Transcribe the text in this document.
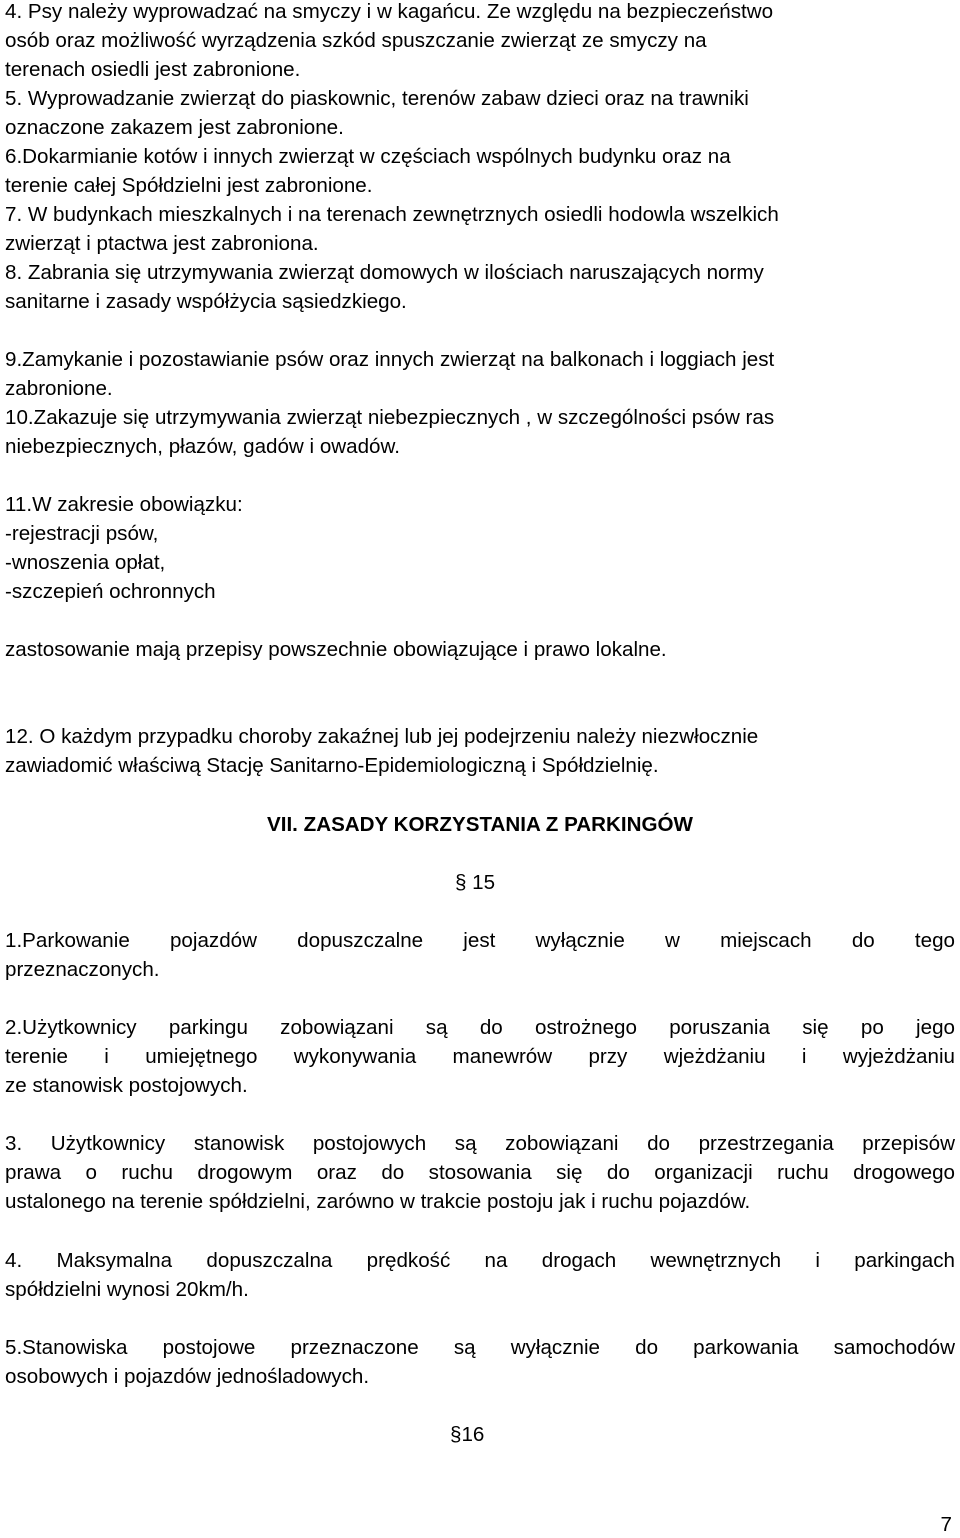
4. Psy należy wyprowadzać na smyczy i w kagańcu. Ze względu na bezpieczeństwo
osób oraz możliwość wyrządzenia szkód spuszczanie zwierząt ze smyczy na
terenach osiedli jest zabronione.
5. Wyprowadzanie zwierząt do piaskownic, terenów zabaw dzieci oraz na trawniki
oznaczone zakazem jest zabronione.
6.Dokarmianie kotów i innych zwierząt w częściach wspólnych budynku oraz na
terenie całej Spółdzielni jest zabronione.
7. W budynkach mieszkalnych i na terenach zewnętrznych osiedli hodowla wszelkich
zwierząt i ptactwa jest zabroniona.
8. Zabrania się utrzymywania zwierząt domowych w ilościach naruszających normy
sanitarne i zasady współżycia sąsiedzkiego.
9.Zamykanie i pozostawianie psów oraz innych zwierząt na balkonach i loggiach jest
zabronione.
10.Zakazuje się utrzymywania zwierząt niebezpiecznych , w szczególności psów ras
niebezpiecznych, płazów, gadów i owadów.
11.W zakresie obowiązku:
-rejestracji psów,
-wnoszenia opłat,
-szczepień ochronnych
zastosowanie mają przepisy powszechnie obowiązujące i prawo lokalne.
12. O każdym przypadku choroby zakaźnej lub jej podejrzeniu należy niezwłocznie
zawiadomić właściwą Stację Sanitarno-Epidemiologiczną i Spółdzielnię.
VII. ZASADY KORZYSTANIA Z PARKINGÓW
§ 15
1.Parkowanie pojazdów dopuszczalne jest wyłącznie w miejscach do tego
przeznaczonych.
2.Użytkownicy parkingu zobowiązani są do ostrożnego poruszania się po jego
terenie i umiejętnego wykonywania manewrów przy wjeżdżaniu i wyjeżdżaniu
ze stanowisk postojowych.
3. Użytkownicy stanowisk postojowych są zobowiązani do przestrzegania przepisów
prawa o ruchu drogowym oraz do stosowania się do organizacji ruchu drogowego
ustalonego na terenie spółdzielni, zarówno w trakcie postoju jak i ruchu pojazdów.
4. Maksymalna dopuszczalna prędkość na drogach wewnętrznych i parkingach
spółdzielni wynosi 20km/h.
5.Stanowiska postojowe przeznaczone są wyłącznie do parkowania samochodów
osobowych i pojazdów jednośladowych.
§16
7
